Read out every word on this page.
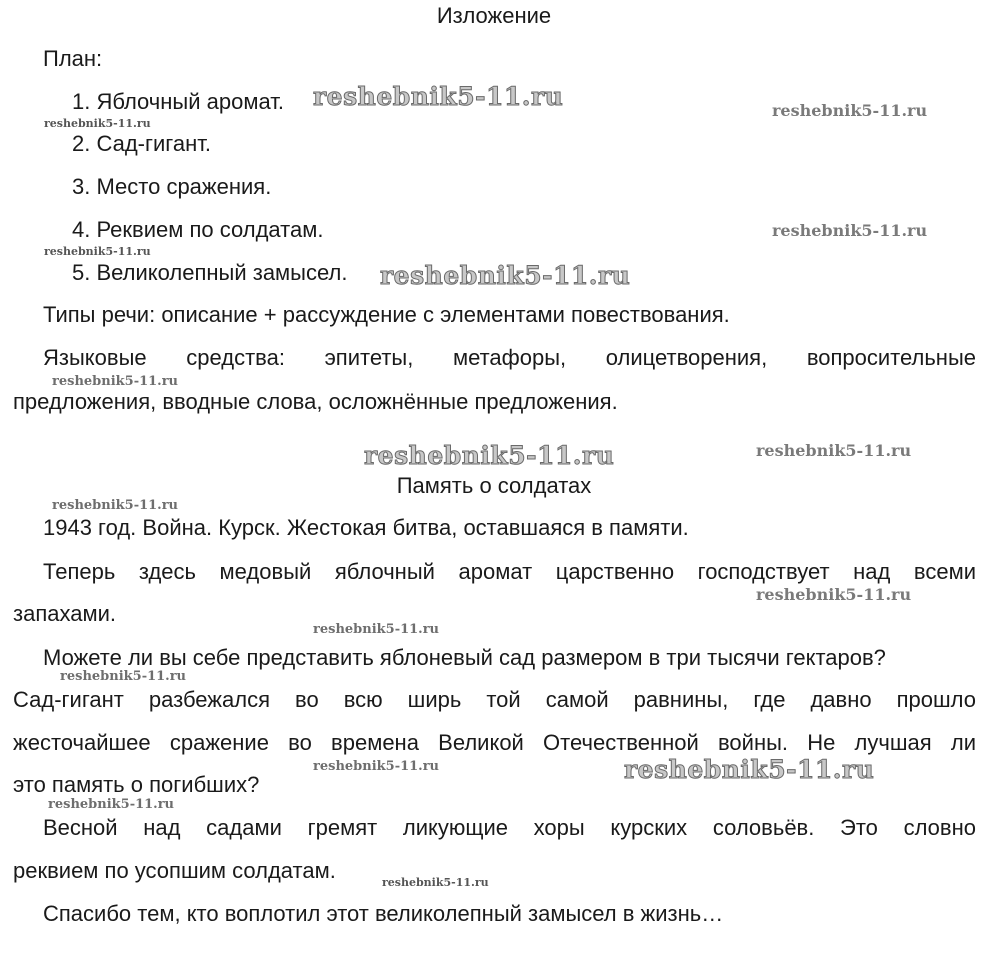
Изложение
План:
1. Яблочный аромат.
2. Сад-гигант.
3. Место сражения.
4. Реквием по солдатам.
5. Великолепный замысел.
Типы речи: описание + рассуждение с элементами повествования.
Языковые средства: эпитеты, метафоры, олицетворения, вопросительные
предложения, вводные слова, осложнённые предложения.
Память о солдатах
1943 год. Война. Курск. Жестокая битва, оставшаяся в памяти.
Теперь здесь медовый яблочный аромат царственно господствует над всеми
запахами.
Можете ли вы себе представить яблоневый сад размером в три тысячи гектаров?
Сад-гигант разбежался во всю ширь той самой равнины, где давно прошло
жесточайшее сражение во времена Великой Отечественной войны. Не лучшая ли
это память о погибших?
Весной над садами гремят ликующие хоры курских соловьёв. Это словно
реквием по усопшим солдатам.
Спасибо тем, кто воплотил этот великолепный замысел в жизнь…
reshebnik5-11.ru	reshebnik5-11.ru
reshebnik5-11.ru
reshebnik5-11.ru
reshebnik5-11.ru
reshebnik5-11.ru
reshebnik5-11.ru
reshebnik5-11.ru	reshebnik5-11.ru
reshebnik5-11.ru
reshebnik5-11.ru
reshebnik5-11.ru
reshebnik5-11.ru
reshebnik5-11.ru	reshebnik5-11.ru
reshebnik5-11.ru
reshebnik5-11.ru
